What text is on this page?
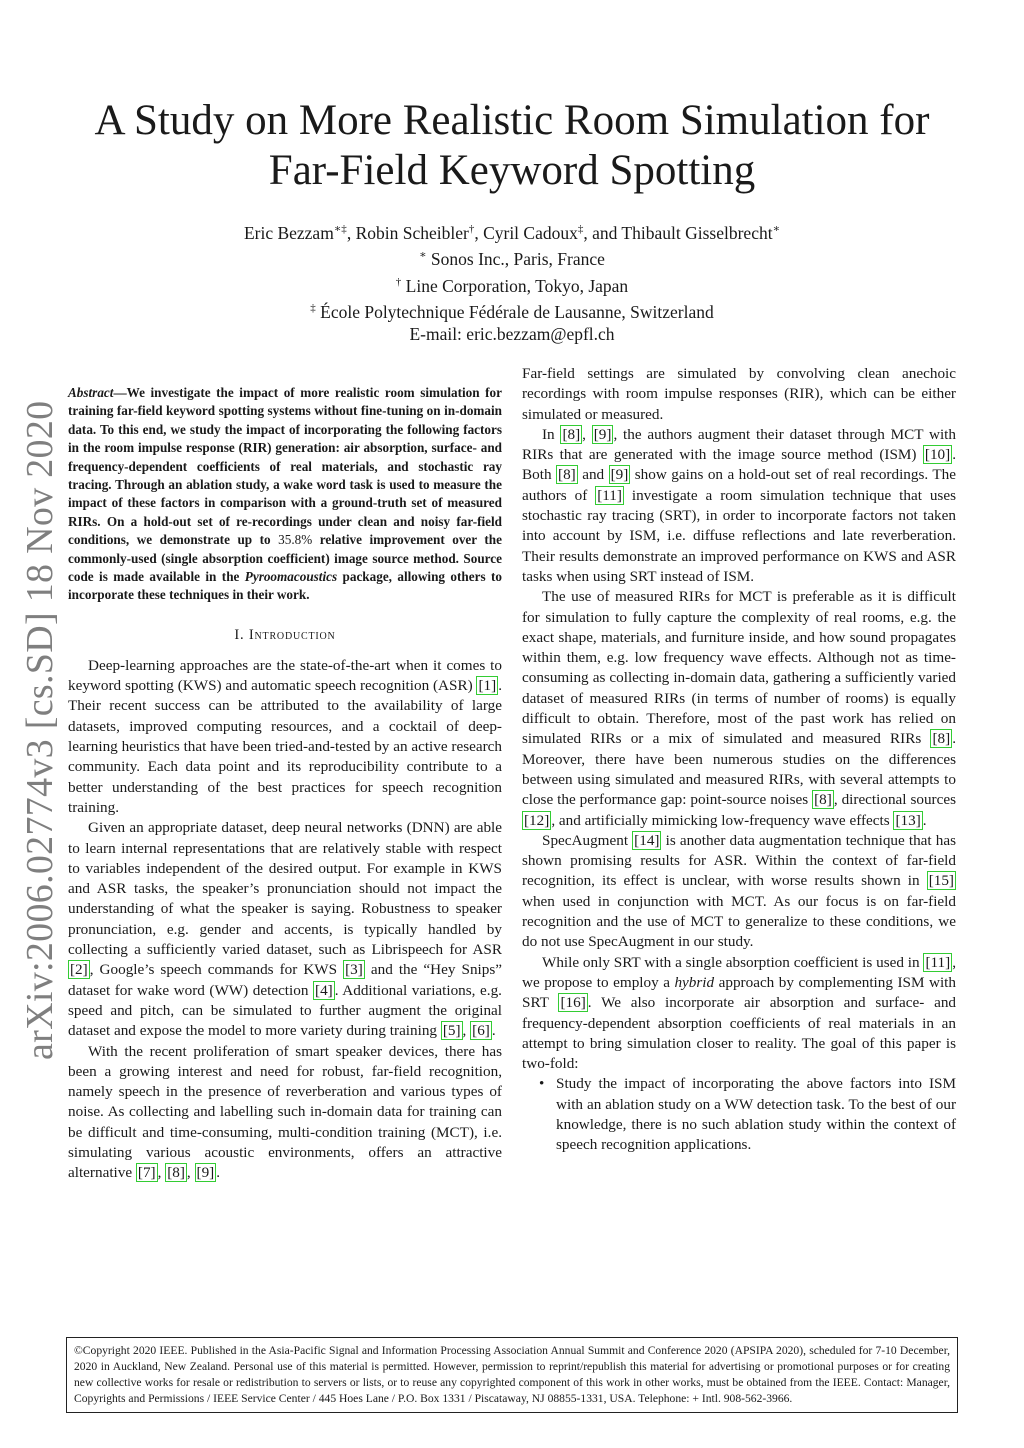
arXiv:2006.02774v3 [cs.SD] 18 Nov 2020
A Study on More Realistic Room Simulation for
Far-Field Keyword Spotting
Eric Bezzam∗‡, Robin Scheibler†, Cyril Cadoux‡, and Thibault Gisselbrecht∗
∗ Sonos Inc., Paris, France
† Line Corporation, Tokyo, Japan
‡ École Polytechnique Fédérale de Lausanne, Switzerland
E-mail: eric.bezzam@epfl.ch

Abstract—We investigate the impact of more realistic room simulation for training far-field keyword spotting systems without fine-tuning on in-domain data. To this end, we study the impact of incorporating the following factors in the room impulse response (RIR) generation: air absorption, surface- and frequency-dependent coefficients of real materials, and stochastic ray tracing. Through an ablation study, a wake word task is used to measure the impact of these factors in comparison with a ground-truth set of measured RIRs. On a hold-out set of re-recordings under clean and noisy far-field conditions, we demonstrate up to 35.8% relative improvement over the commonly-used (single absorption coefficient) image source method. Source code is made available in the Pyroomacoustics package, allowing others to incorporate these techniques in their work.

I. Introduction

Deep-learning approaches are the state-of-the-art when it comes to keyword spotting (KWS) and automatic speech recognition (ASR) [1] . Their recent success can be attributed to the availability of large datasets, improved computing resources, and a cocktail of deep-learning heuristics that have been tried-and-tested by an active research community. Each data point and its reproducibility contribute to a better understanding of the best practices for speech recognition training.

Given an appropriate dataset, deep neural networks (DNN) are able to learn internal representations that are relatively stable with respect to variables independent of the desired output. For example in KWS and ASR tasks, the speaker’s pronunciation should not impact the understanding of what the speaker is saying. Robustness to speaker pronunciation, e.g. gender and accents, is typically handled by collecting a sufficiently varied dataset, such as Librispeech for ASR [2] , Google’s speech commands for KWS [3] and the “Hey Snips” dataset for wake word (WW) detection [4] . Additional variations, e.g. speed and pitch, can be simulated to further augment the original dataset and expose the model to more variety during training [5] , [6] .

With the recent proliferation of smart speaker devices, there has been a growing interest and need for robust, far-field recognition, namely speech in the presence of reverberation and various types of noise. As collecting and labelling such in-domain data for training can be difficult and time-consuming, multi-condition training (MCT), i.e. simulating various acoustic environments, offers an attractive alternative [7] , [8] , [9] .

Far-field settings are simulated by convolving clean anechoic recordings with room impulse responses (RIR), which can be either simulated or measured.

In [8] , [9] , the authors augment their dataset through MCT with RIRs that are generated with the image source method (ISM) [10] . Both [8] and [9] show gains on a hold-out set of real recordings. The authors of [11] investigate a room simulation technique that uses stochastic ray tracing (SRT), in order to incorporate factors not taken into account by ISM, i.e. diffuse reflections and late reverberation. Their results demonstrate an improved performance on KWS and ASR tasks when using SRT instead of ISM.

The use of measured RIRs for MCT is preferable as it is difficult for simulation to fully capture the complexity of real rooms, e.g. the exact shape, materials, and furniture inside, and how sound propagates within them, e.g. low frequency wave effects. Although not as time-consuming as collecting in-domain data, gathering a sufficiently varied dataset of measured RIRs (in terms of number of rooms) is equally difficult to obtain. Therefore, most of the past work has relied on simulated RIRs or a mix of simulated and measured RIRs [8] . Moreover, there have been numerous studies on the differences between using simulated and measured RIRs, with several attempts to close the performance gap: point-source noises [8] , directional sources [12] , and artificially mimicking low-frequency wave effects [13] .

SpecAugment [14] is another data augmentation technique that has shown promising results for ASR. Within the context of far-field recognition, its effect is unclear, with worse results shown in [15] when used in conjunction with MCT. As our focus is on far-field recognition and the use of MCT to generalize to these conditions, we do not use SpecAugment in our study.

While only SRT with a single absorption coefficient is used in [11] , we propose to employ a hybrid approach by complementing ISM with SRT [16] . We also incorporate air absorption and surface- and frequency-dependent absorption coefficients of real materials in an attempt to bring simulation closer to reality. The goal of this paper is two-fold:

• Study the impact of incorporating the above factors into ISM with an ablation study on a WW detection task. To the best of our knowledge, there is no such ablation study within the context of speech recognition applications.
©Copyright 2020 IEEE. Published in the Asia-Pacific Signal and Information Processing Association Annual Summit and Conference 2020 (APSIPA 2020), scheduled for 7-10 December, 2020 in Auckland, New Zealand. Personal use of this material is permitted. However, permission to reprint/republish this material for advertising or promotional purposes or for creating new collective works for resale or redistribution to servers or lists, or to reuse any copyrighted component of this work in other works, must be obtained from the IEEE. Contact: Manager, Copyrights and Permissions / IEEE Service Center / 445 Hoes Lane / P.O. Box 1331 / Piscataway, NJ 08855-1331, USA. Telephone: + Intl. 908-562-3966.
